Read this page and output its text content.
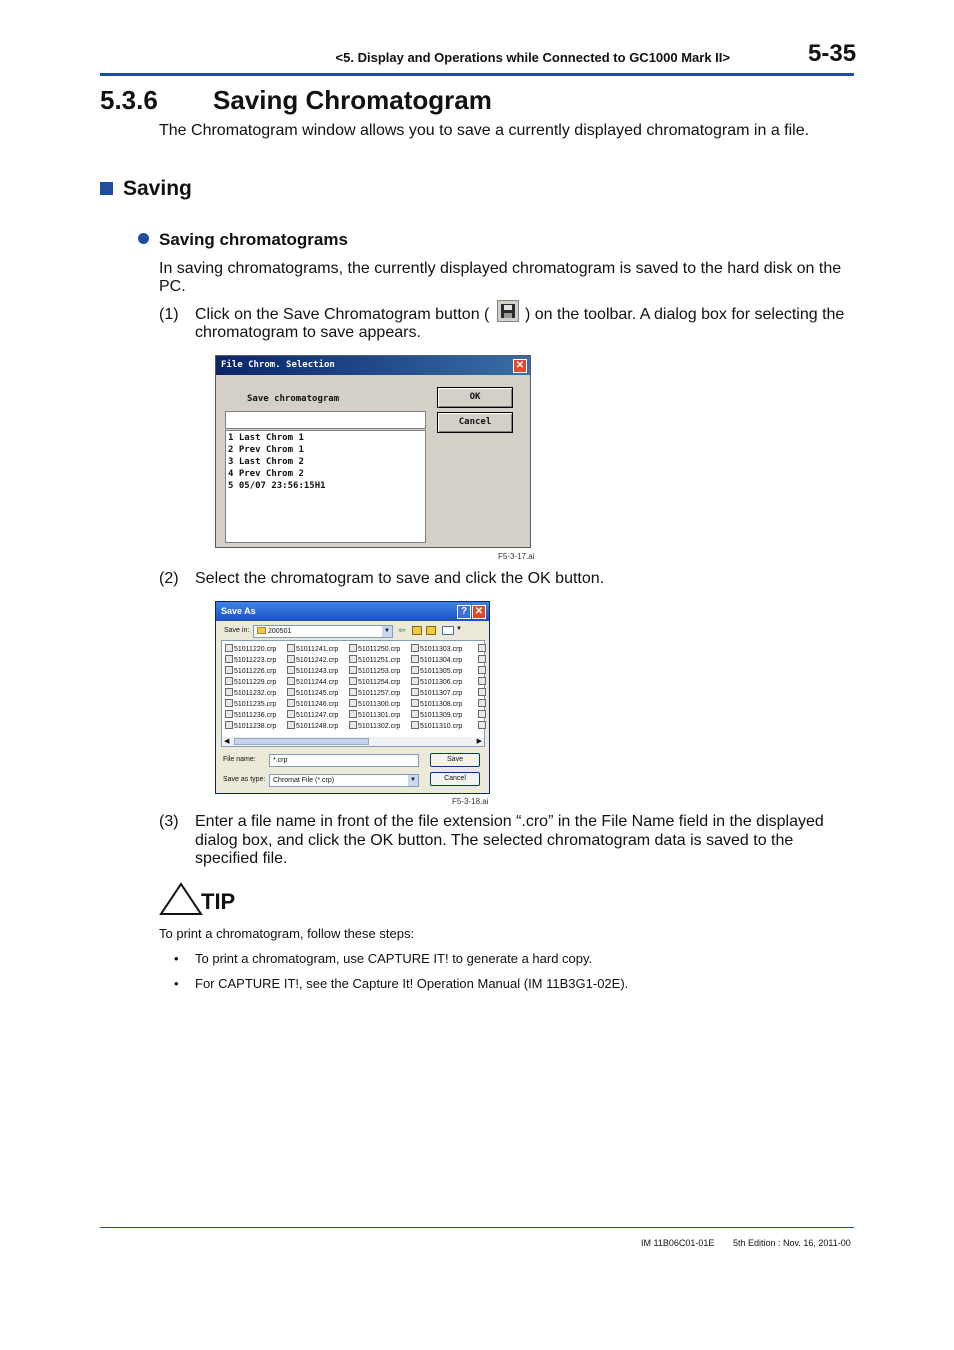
<5. Display and Operations while Connected to GC1000 Mark II>	5-35
5.3.6 Saving Chromatogram
The Chromatogram window allows you to save a currently displayed chromatogram in a file.
Saving
Saving chromatograms
In saving chromatograms, the currently displayed chromatogram is saved to the hard disk on the
PC.
(1) Click on the Save Chromatogram button ( ) on the toolbar. A dialog box for selecting the
chromatogram to save appears.
File Chrom. Selection	✕
Save chromatogram
1 Last Chrom 1
2 Prev Chrom 1
3 Last Chrom 2
4 Prev Chrom 2
5 05/07 23:56:15H1
OK
Cancel
F5-3-17.ai
(2) Select the chromatogram to save and click the OK button.
Save As	? ✕
Save in:	200501	▼ ⇦	▼
51011220.crp
51011223.crp
51011226.crp
51011229.crp
51011232.crp
51011235.crp
51011236.crp
51011238.crp
51011241.crp
51011242.crp
51011243.crp
51011244.crp
51011245.crp
51011246.crp
51011247.crp
51011248.crp
51011250.crp
51011251.crp
51011253.crp
51011254.crp
51011257.crp
51011300.crp
51011301.crp
51011302.crp
51011303.crp
51011304.crp
51011305.crp
51011306.crp
51011307.crp
51011308.crp
51011309.crp
51011310.crp
◀	▶
File name:	*.crp
Save as type:	Chromat File (*.crp)	▼
Save
Cancel
F5-3-18.ai
(3) Enter a file name in front of the file extension “.cro” in the File Name field in the displayed
dialog box, and click the OK button. The selected chromatogram data is saved to the
specified file.
TIP
To print a chromatogram, follow these steps:
• To print a chromatogram, use CAPTURE IT! to generate a hard copy.
• For CAPTURE IT!, see the Capture It! Operation Manual (IM 11B3G1-02E).
IM 11B06C01-01E 5th Edition : Nov. 16, 2011-00
